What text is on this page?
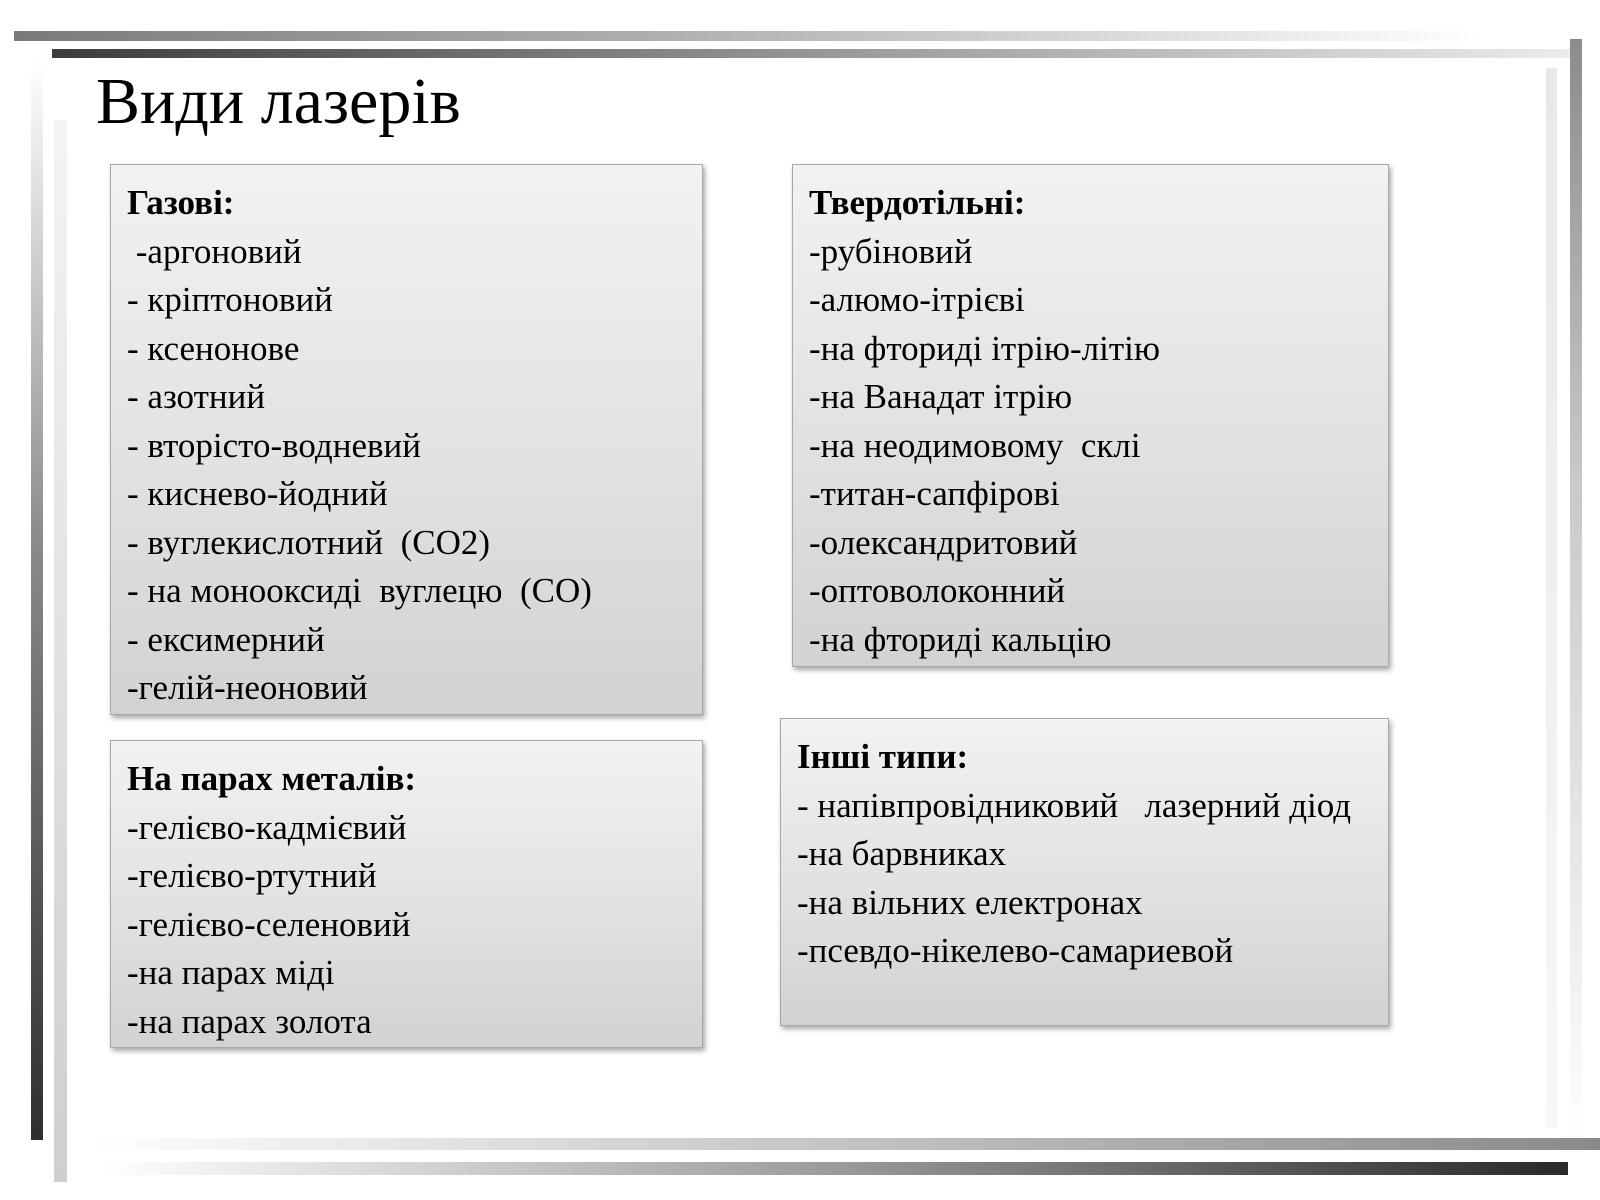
Види лазерів
Газові:
-аргоновий
- кріптоновий
- ксенонове
- азотний
- вторісто-водневий
- киснево-йодний
- вуглекислотний  (СО2)
- на монооксиді  вуглецю  (СО)
- ексимерний
-гелій-неоновий
Твердотільні:
-рубіновий
-алюмо-ітрієві
-на фториді ітрію-літію
-на Ванадат ітрію
-на неодимовому  склі
-титан-сапфірові
-олександритовий
-оптоволоконний
-на фториді кальцію
На парах металів:
-гелієво-кадмієвий
-гелієво-ртутний
-гелієво-селеновий
-на парах міді
-на парах золота
Інші типи:
- напівпровідниковий   лазерний діод
-на барвниках
-на вільних електронах
-псевдо-нікелево-самариевой
